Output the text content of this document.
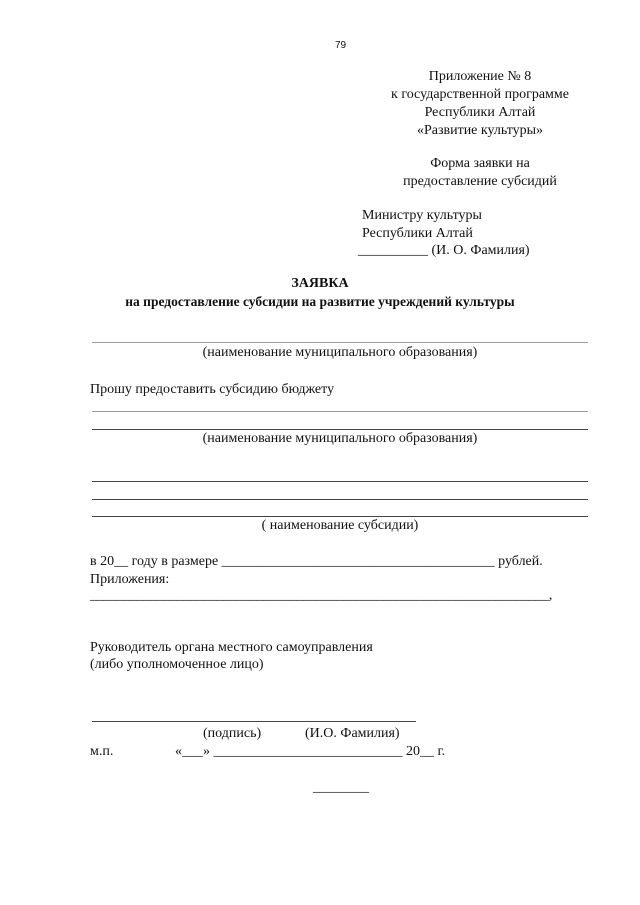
79
Приложение № 8
к государственной программе
Республики Алтай
«Развитие культуры»
Форма заявки на
предоставление субсидий
Министру культуры
Республики Алтай
__________ (И. О. Фамилия)
ЗАЯВКА
на предоставление субсидии на развитие учреждений культуры
(наименование муниципального образования)
Прошу предоставить субсидию бюджету
(наименование муниципального образования)
( наименование субсидии)
в 20__ году в размере _______________________________________ рублей.
Приложения:
_____________________________________________________________________,
Руководитель органа местного самоуправления
(либо уполномоченное лицо)
(подпись)	(И.О. Фамилия)
м.п.	«___» ___________________________ 20__ г.
________
